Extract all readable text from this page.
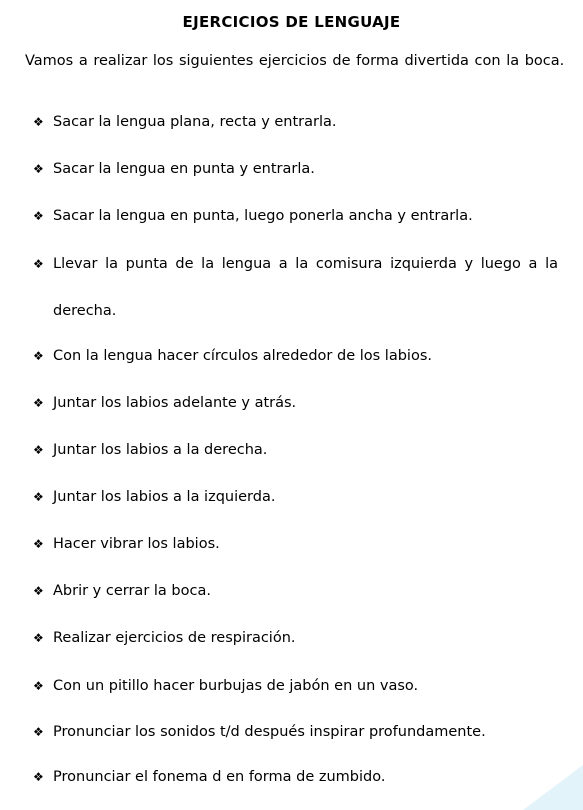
EJERCICIOS DE LENGUAJE
Vamos a realizar los siguientes ejercicios de forma divertida con la boca.
❖ Sacar la lengua plana, recta y entrarla.
❖ Sacar la lengua en punta y entrarla.
❖ Sacar la lengua en punta, luego ponerla ancha y entrarla.
❖ Llevar la punta de la lengua a la comisura izquierda y luego a la
derecha.
❖ Con la lengua hacer círculos alrededor de los labios.
❖ Juntar los labios adelante y atrás.
❖ Juntar los labios a la derecha.
❖ Juntar los labios a la izquierda.
❖ Hacer vibrar los labios.
❖ Abrir y cerrar la boca.
❖ Realizar ejercicios de respiración.
❖ Con un pitillo hacer burbujas de jabón en un vaso.
❖ Pronunciar los sonidos t/d después inspirar profundamente.
❖ Pronunciar el fonema d en forma de zumbido.
